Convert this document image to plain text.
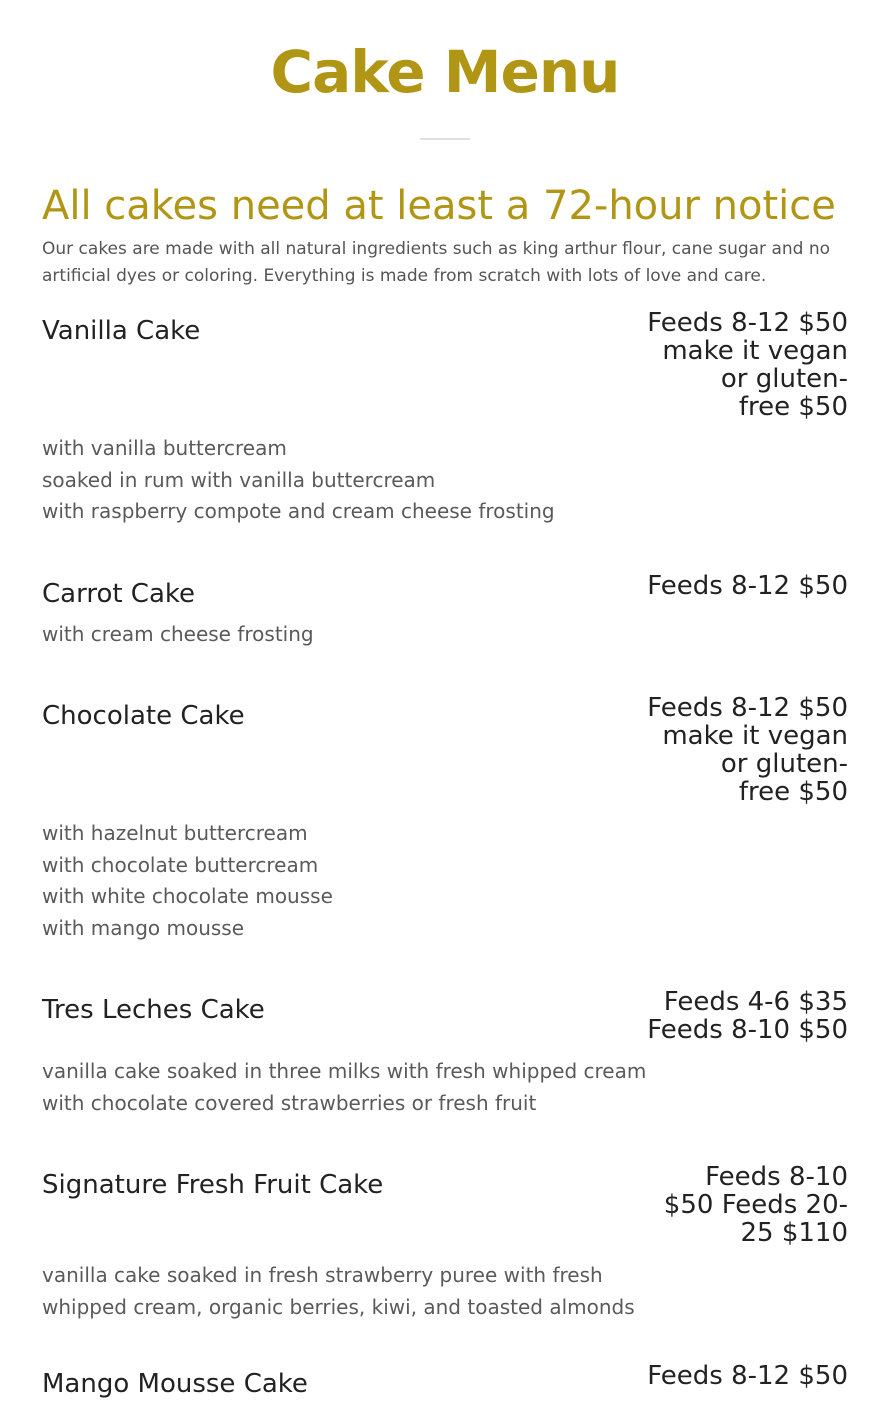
Cake Menu
All cakes need at least a 72-hour notice
Our cakes are made with all natural ingredients such as king arthur flour, cane sugar and no artificial dyes or coloring. Everything is made from scratch with lots of love and care.
Vanilla Cake	Feeds 8-12 $50
make it vegan
or gluten-
free $50
with vanilla buttercream
soaked in rum with vanilla buttercream
with raspberry compote and cream cheese frosting
Carrot Cake	Feeds 8-12 $50
with cream cheese frosting
Chocolate Cake	Feeds 8-12 $50
make it vegan
or gluten-
free $50
with hazelnut buttercream
with chocolate buttercream
with white chocolate mousse
with mango mousse
Tres Leches Cake	Feeds 4-6 $35
Feeds 8-10 $50
vanilla cake soaked in three milks with fresh whipped cream
with chocolate covered strawberries or fresh fruit
Signature Fresh Fruit Cake	Feeds 8-10
$50 Feeds 20-
25 $110
vanilla cake soaked in fresh strawberry puree with fresh
whipped cream, organic berries, kiwi, and toasted almonds
Mango Mousse Cake	Feeds 8-12 $50
